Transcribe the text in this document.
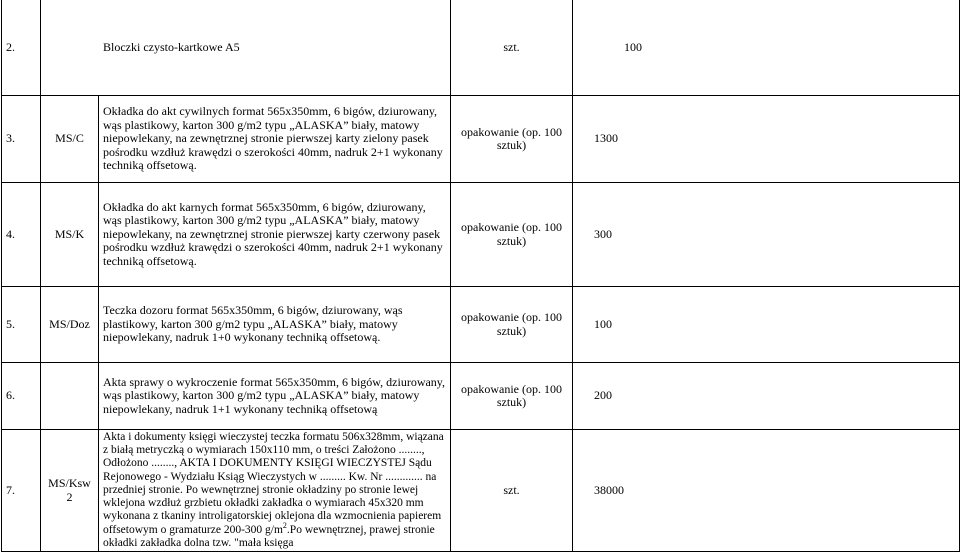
2.	Bloczki czysto-kartkowe A5		szt.	100
3.	MS/C	Okładka do akt cywilnych format 565x350mm, 6 bigów, dziurowany, wąs plastikowy, karton 300 g/m2 typu „ALASKA” biały, matowy niepowlekany, na zewnętrznej stronie pierwszej karty zielony pasek pośrodku wzdłuż krawędzi o szerokości 40mm, nadruk 2+1 wykonany techniką offsetową.	opakowanie (op. 100 sztuk)	1300
4.	MS/K	Okładka do akt karnych format 565x350mm, 6 bigów, dziurowany, wąs plastikowy, karton 300 g/m2 typu „ALASKA” biały, matowy niepowlekany, na zewnętrznej stronie pierwszej karty czerwony pasek pośrodku wzdłuż krawędzi o szerokości 40mm, nadruk 2+1 wykonany techniką offsetową.	opakowanie (op. 100 sztuk)	300
5.	MS/Doz	Teczka dozoru format 565x350mm, 6 bigów, dziurowany, wąs plastikowy, karton 300 g/m2 typu „ALASKA” biały, matowy niepowlekany, nadruk 1+0 wykonany techniką offsetową.	opakowanie (op. 100 sztuk)	100
6.		Akta sprawy o wykroczenie format 565x350mm, 6 bigów, dziurowany, wąs plastikowy, karton 300 g/m2 typu „ALASKA” biały, matowy niepowlekany, nadruk 1+1 wykonany techniką offsetową	opakowanie (op. 100 sztuk)	200
7.	MS/Ksw 2	Akta i dokumenty księgi wieczystej teczka formatu 506x328mm, wiązana z białą metryczką o wymiarach 150x110 mm, o treści Założono ........, Odłożono ........, AKTA I DOKUMENTY KSIĘGI WIECZYSTEJ Sądu Rejonowego - Wydziału Ksiąg Wieczystych w ......... Kw. Nr ............. na przedniej stronie. Po wewnętrznej stronie okładziny po stronie lewej wklejona wzdłuż grzbietu okładki zakładka o wymiarach 45x320 mm wykonana z tkaniny introligatorskiej oklejona dla wzmocnienia papierem offsetowym o gramaturze 200-300 $g/m^2.Po$ wewnętrznej, prawej stronie okładki zakładka dolna tzw. "mała księga	szt.	38000
